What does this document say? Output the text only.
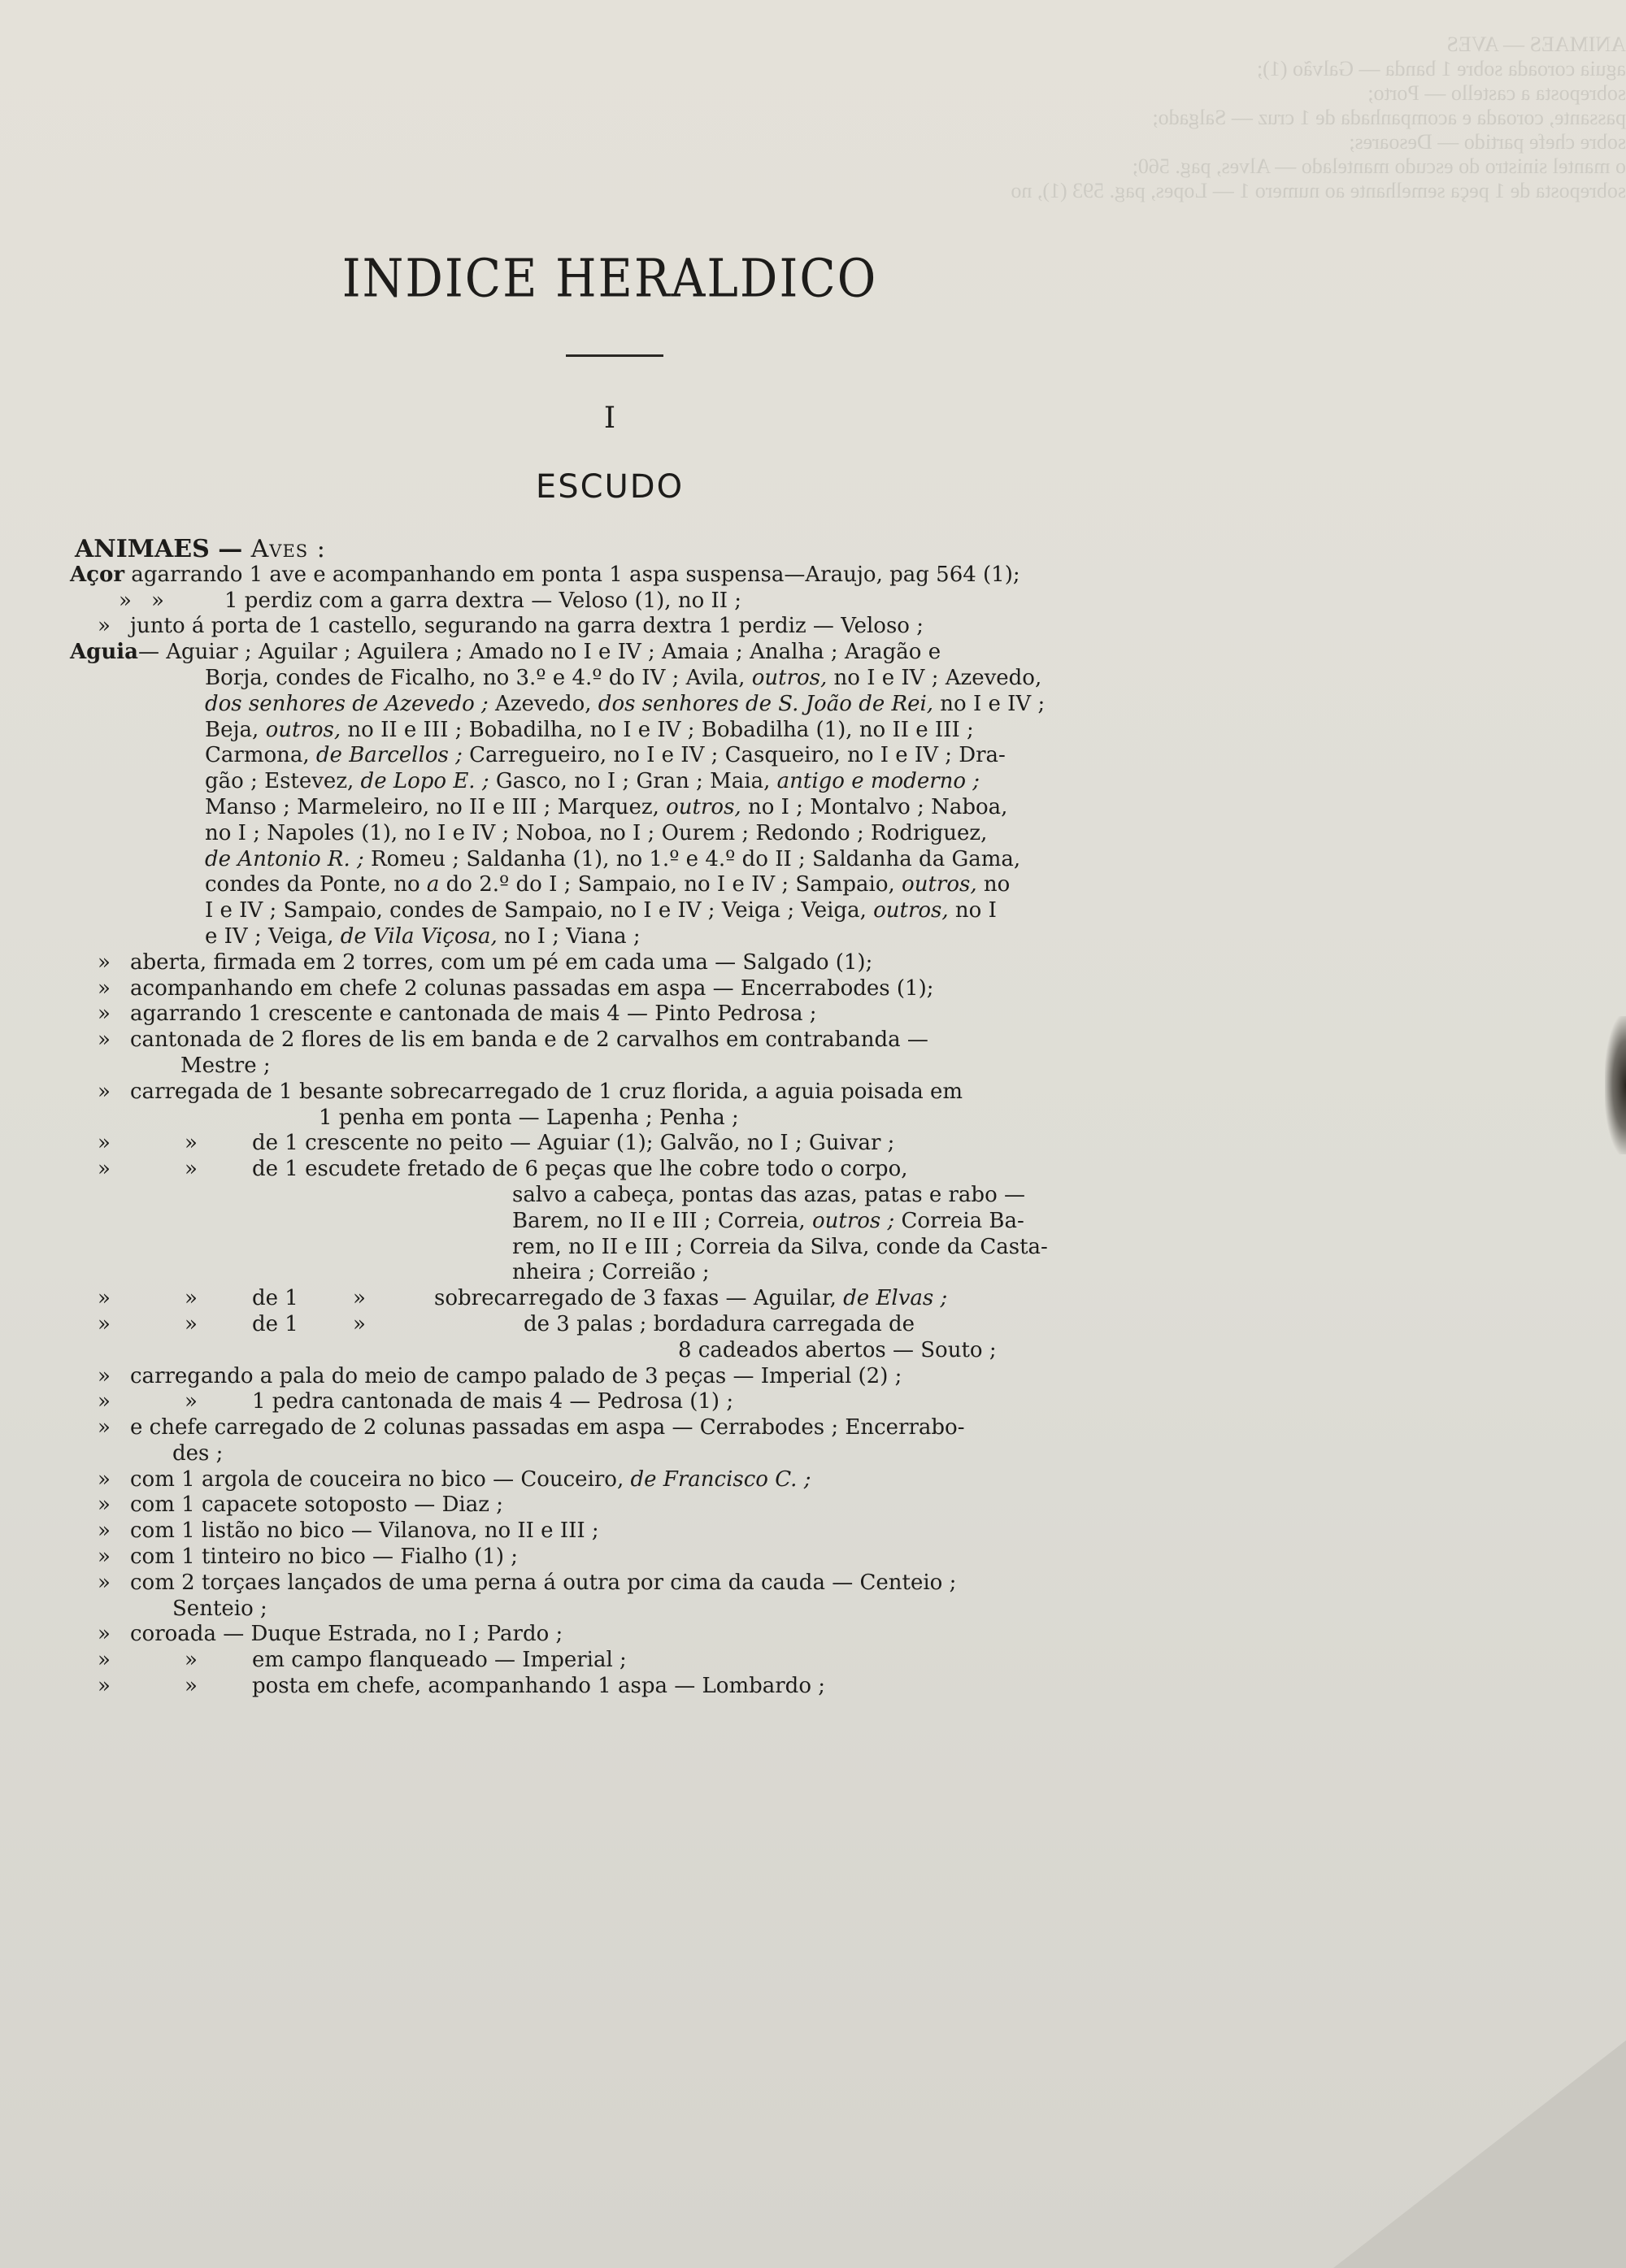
ANIMAES — AVES
aguia coroada sobre 1 banda — Galvão (1);
sobreposta a castello — Porto;
passante, coroada e acompanhada de 1 cruz — Salgado;
sobre chefe partido — Desoares;
o mantel sinistro do escudo mantelado — Alves, pag. 560;
sobreposta de 1 peça semelhante ao numero 1 — Lopes, pag. 593 (1), no
INDICE HERALDICO
I
ESCUDO
ANIMAES — Aves :
Açor agarrando 1 ave e acompanhando em ponta 1 aspa suspensa—Araujo, pag 564 (1);
» »	1 perdiz com a garra dextra — Veloso (1), no II ;
» junto á porta de 1 castello, segurando na garra dextra 1 perdiz — Veloso ;
Aguia— Aguiar ; Aguilar ; Aguilera ; Amado no I e IV ; Amaia ; Analha ; Aragão e
Borja, condes de Ficalho, no 3.º e 4.º do IV ; Avila, outros, no I e IV ; Azevedo,
dos senhores de Azevedo ; Azevedo, dos senhores de S. João de Rei, no I e IV ;
Beja, outros, no II e III ; Bobadilha, no I e IV ; Bobadilha (1), no II e III ;
Carmona, de Barcellos ; Carregueiro, no I e IV ; Casqueiro, no I e IV ; Dra-
gão ; Estevez, de Lopo E. ; Gasco, no I ; Gran ; Maia, antigo e moderno ;
Manso ; Marmeleiro, no II e III ; Marquez, outros, no I ; Montalvo ; Naboa,
no I ; Napoles (1), no I e IV ; Noboa, no I ; Ourem ; Redondo ; Rodriguez,
de Antonio R. ; Romeu ; Saldanha (1), no 1.º e 4.º do II ; Saldanha da Gama,
condes da Ponte, no a do 2.º do I ; Sampaio, no I e IV ; Sampaio, outros, no
I e IV ; Sampaio, condes de Sampaio, no I e IV ; Veiga ; Veiga, outros, no I
e IV ; Veiga, de Vila Viçosa, no I ; Viana ;
» aberta, firmada em 2 torres, com um pé em cada uma — Salgado (1);
» acompanhando em chefe 2 colunas passadas em aspa — Encerrabodes (1);
» agarrando 1 crescente e cantonada de mais 4 — Pinto Pedrosa ;
» cantonada de 2 flores de lis em banda e de 2 carvalhos em contrabanda —
Mestre ;
» carregada de 1 besante sobrecarregado de 1 cruz florida, a aguia poisada em
1 penha em ponta — Lapenha ; Penha ;
»	»	de 1 crescente no peito — Aguiar (1); Galvão, no I ; Guivar ;
»	»	de 1 escudete fretado de 6 peças que lhe cobre todo o corpo,
salvo a cabeça, pontas das azas, patas e rabo —
Barem, no II e III ; Correia, outros ; Correia Ba-
rem, no II e III ; Correia da Silva, conde da Casta-
nheira ; Correião ;
»	»	de 1	»	sobrecarregado de 3 faxas — Aguilar, de Elvas ;
»	»	de 1	»	de 3 palas ; bordadura carregada de
8 cadeados abertos — Souto ;
» carregando a pala do meio de campo palado de 3 peças — Imperial (2) ;
»	»	1 pedra cantonada de mais 4 — Pedrosa (1) ;
» e chefe carregado de 2 colunas passadas em aspa — Cerrabodes ; Encerrabo-
des ;
» com 1 argola de couceira no bico — Couceiro, de Francisco C. ;
» com 1 capacete sotoposto — Diaz ;
» com 1 listão no bico — Vilanova, no II e III ;
» com 1 tinteiro no bico — Fialho (1) ;
» com 2 torçaes lançados de uma perna á outra por cima da cauda — Centeio ;
Senteio ;
» coroada — Duque Estrada, no I ; Pardo ;
»	»	em campo flanqueado — Imperial ;
»	»	posta em chefe, acompanhando 1 aspa — Lombardo ;
